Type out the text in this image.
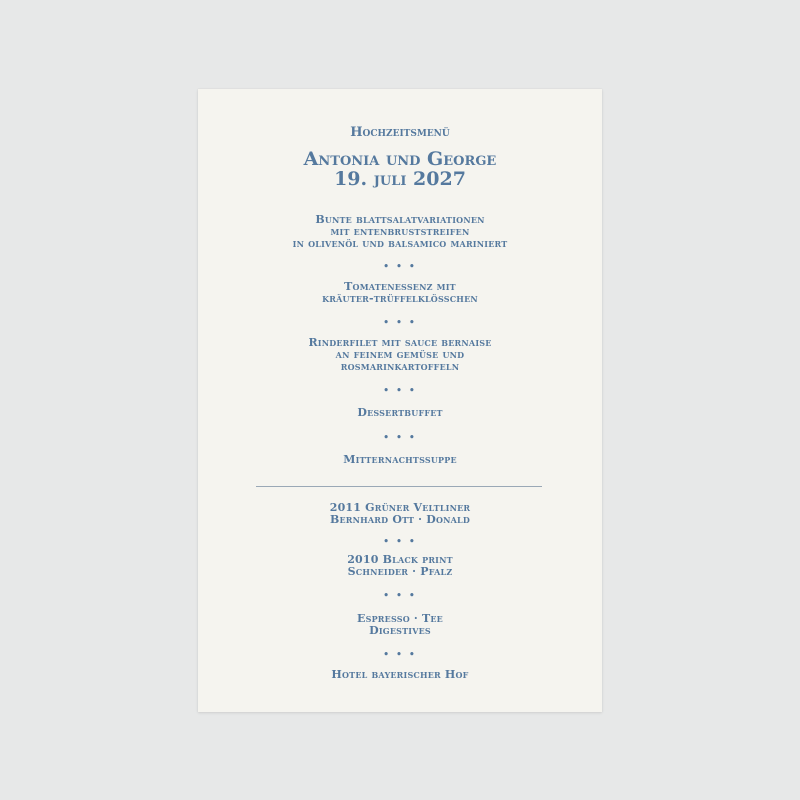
Hochzeitsmenü
Antonia und George
19. juli 2027
Bunte blattsalatvariationen
mit entenbruststreifen
in olivenöl und balsamico mariniert
• • •
Tomatenessenz mit
kräuter-trüffelklösschen
• • •
Rinderfilet mit sauce bernaise
an feinem gemüse und
rosmarinkartoffeln
• • •
Dessertbuffet
• • •
Mitternachtssuppe
2011 Grüner Veltliner
Bernhard Ott · Donald
• • •
2010 Black print
Schneider · Pfalz
• • •
Espresso · Tee
Digestives
• • •
Hotel bayerischer Hof
